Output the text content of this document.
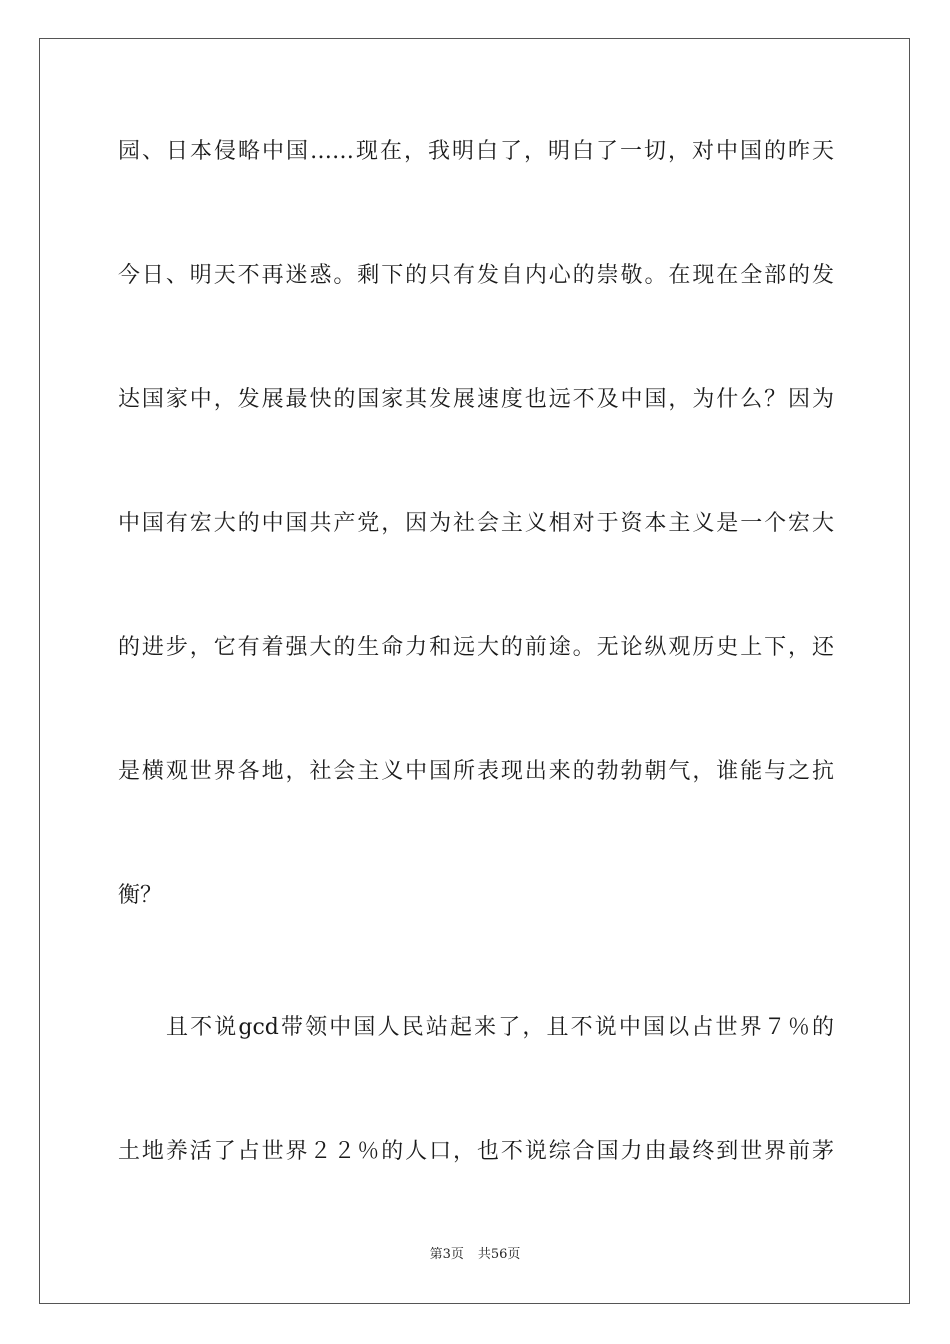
园、日本侵略中国……现在，我明白了，明白了一切，对中国的昨天
今日、明天不再迷惑。剩下的只有发自内心的崇敬。在现在全部的发
达国家中，发展最快的国家其发展速度也远不及中国，为什么？因为
中国有宏大的中国共产党，因为社会主义相对于资本主义是一个宏大
的进步，它有着强大的生命力和远大的前途。无论纵观历史上下，还
是横观世界各地，社会主义中国所表现出来的勃勃朝气，谁能与之抗
衡？
且不说gcd带领中国人民站起来了，且不说中国以占世界７％的
土地养活了占世界２２％的人口，也不说综合国力由最终到世界前茅
第3页 共56页
